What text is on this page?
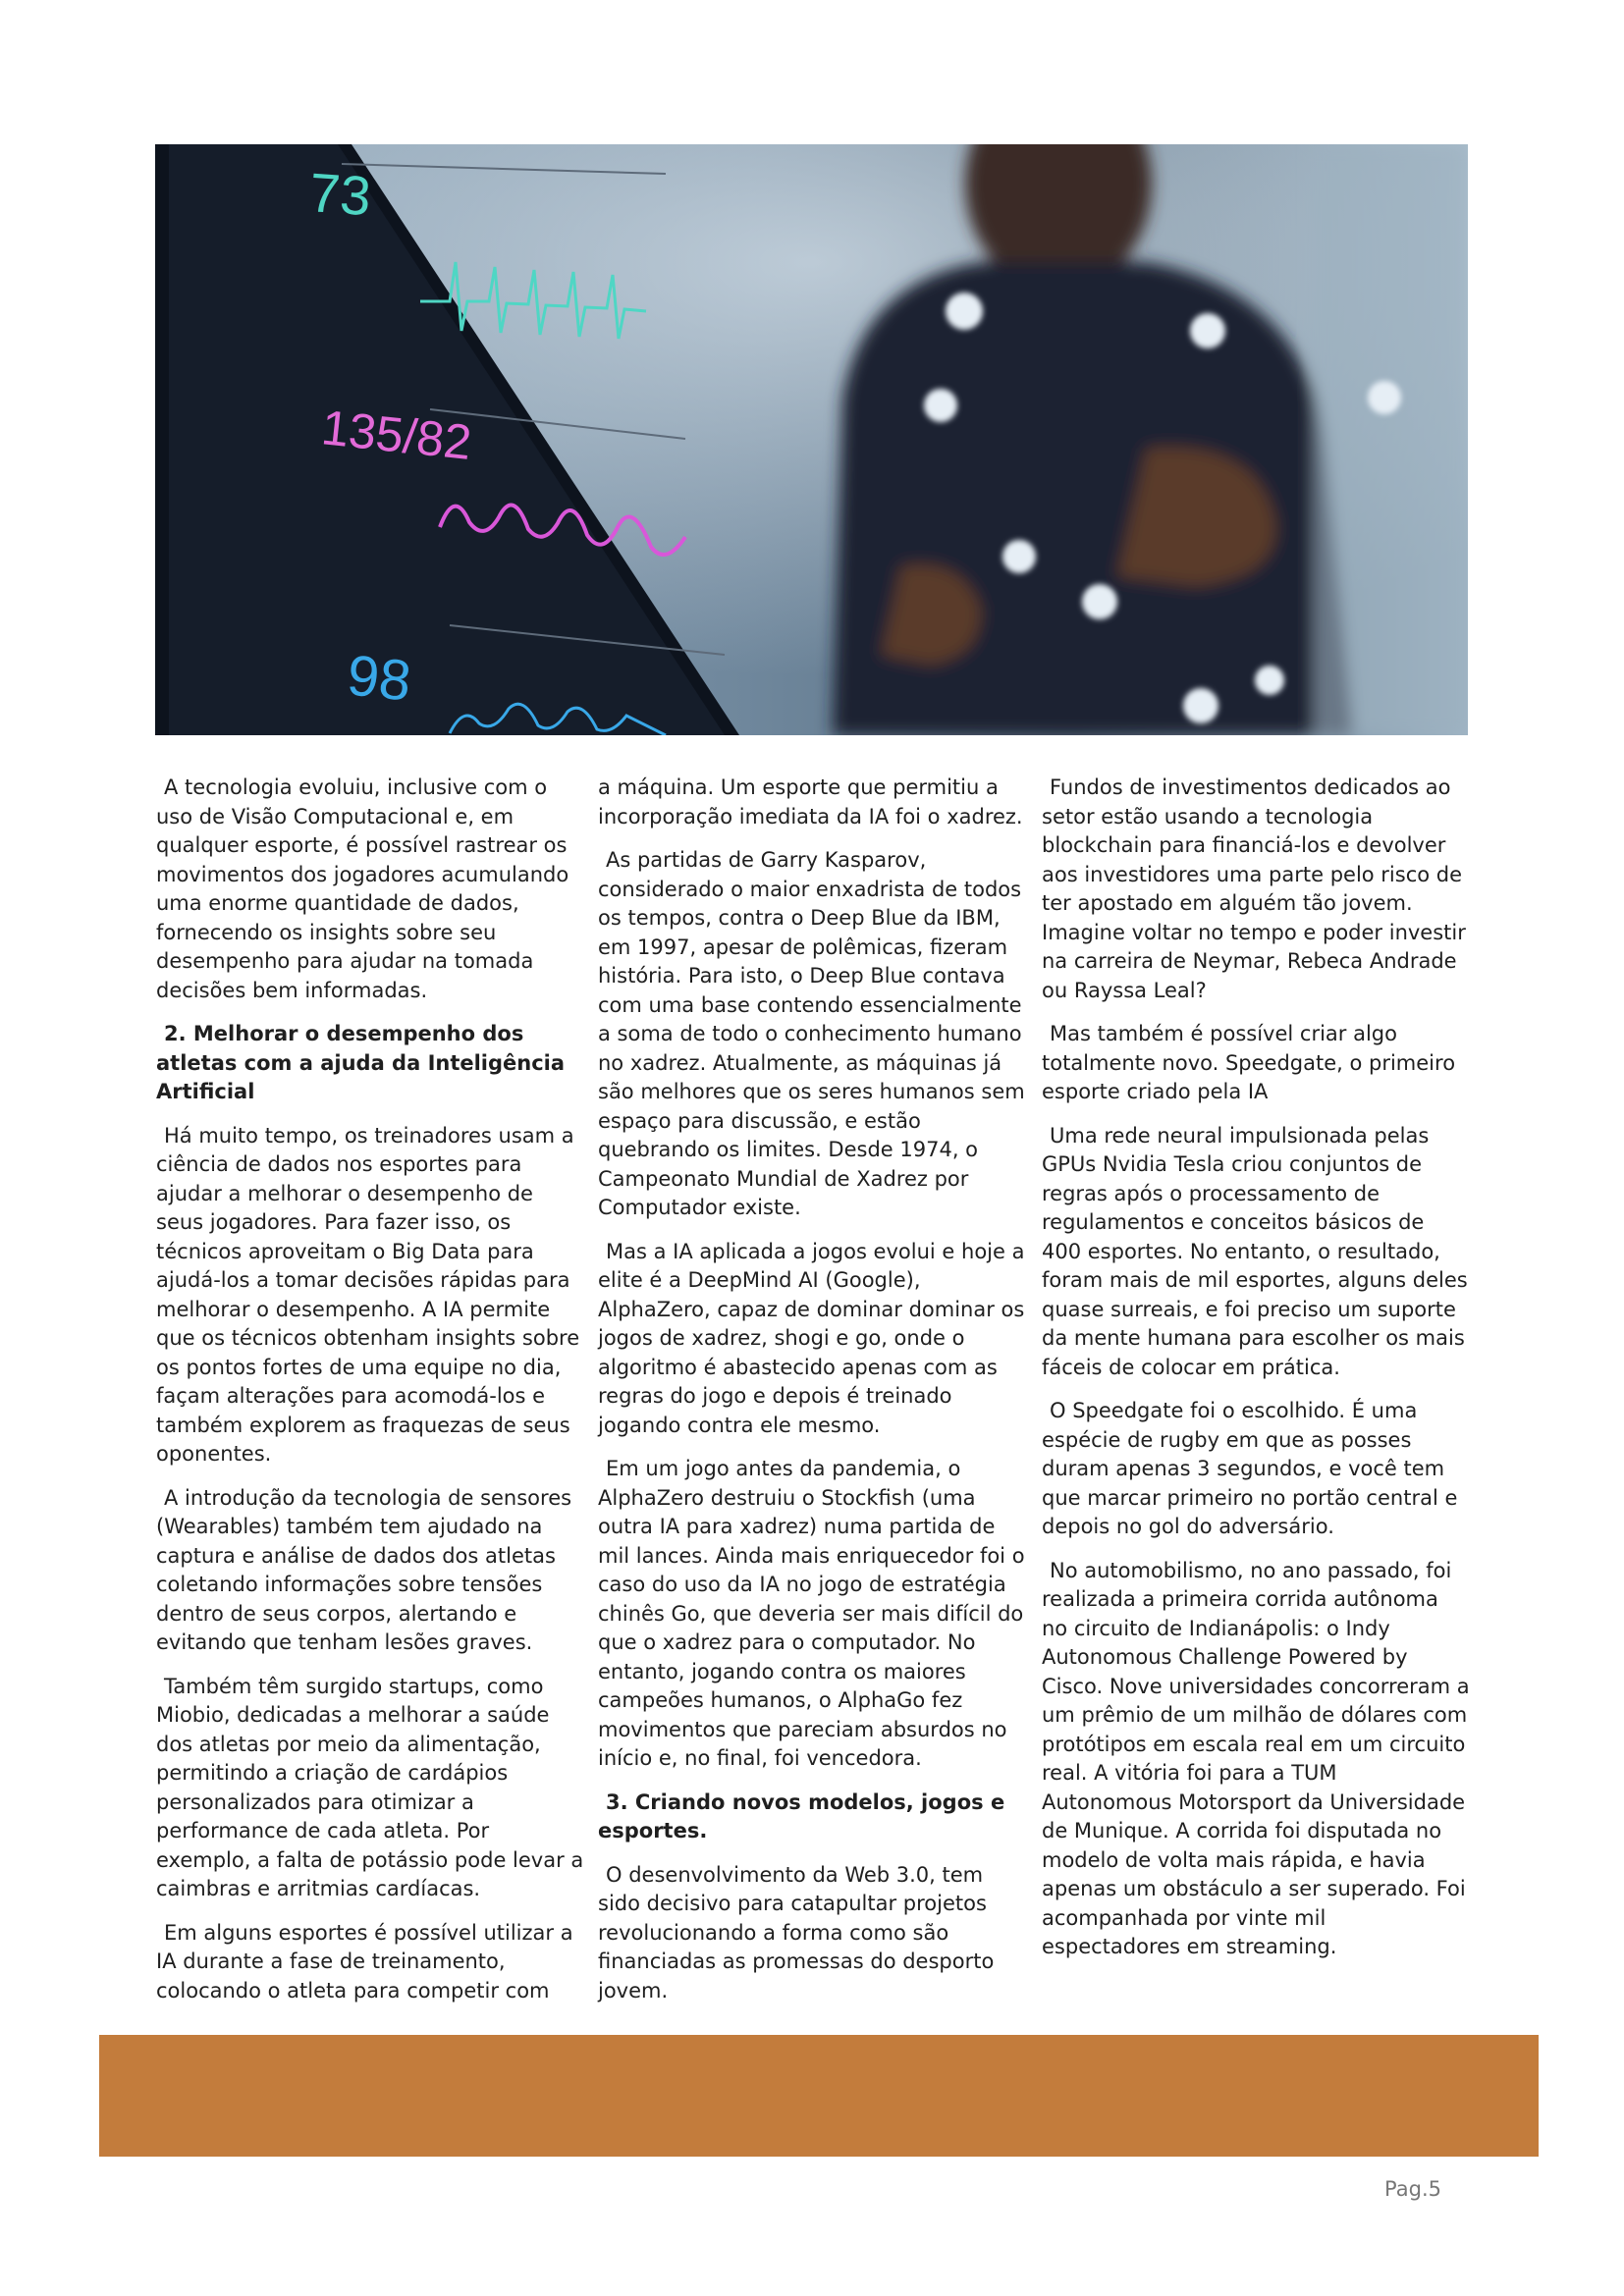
73
135/82
98

A tecnologia evoluiu, inclusive com o uso de Visão Computacional e, em qualquer esporte, é possível rastrear os movimentos dos jogadores acumulando uma enorme quantidade de dados, fornecendo os insights sobre seu desempenho para ajudar na tomada decisões bem informadas.

2. Melhorar o desempenho dos atletas com a ajuda da Inteligência Artificial

Há muito tempo, os treinadores usam a ciência de dados nos esportes para ajudar a melhorar o desempenho de seus jogadores. Para fazer isso, os técnicos aproveitam o Big Data para ajudá-los a tomar decisões rápidas para melhorar o desempenho. A IA permite que os técnicos obtenham insights sobre os pontos fortes de uma equipe no dia, façam alterações para acomodá-los e também explorem as fraquezas de seus oponentes.

A introdução da tecnologia de sensores (Wearables) também tem ajudado na captura e análise de dados dos atletas coletando informações sobre tensões dentro de seus corpos, alertando e evitando que tenham lesões graves.

Também têm surgido startups, como Miobio, dedicadas a melhorar a saúde dos atletas por meio da alimentação, permitindo a criação de cardápios personalizados para otimizar a performance de cada atleta. Por exemplo, a falta de potássio pode levar a caimbras e arritmias cardíacas.

Em alguns esportes é possível utilizar a IA durante a fase de treinamento, colocando o atleta para competir com

a máquina. Um esporte que permitiu a incorporação imediata da IA foi o xadrez.

As partidas de Garry Kasparov, considerado o maior enxadrista de todos os tempos, contra o Deep Blue da IBM, em 1997, apesar de polêmicas, fizeram história. Para isto, o Deep Blue contava com uma base contendo essencialmente a soma de todo o conhecimento humano no xadrez. Atualmente, as máquinas já são melhores que os seres humanos sem espaço para discussão, e estão quebrando os limites. Desde 1974, o Campeonato Mundial de Xadrez por Computador existe.

Mas a IA aplicada a jogos evolui e hoje a elite é a DeepMind AI (Google), AlphaZero, capaz de dominar dominar os jogos de xadrez, shogi e go, onde o algoritmo é abastecido apenas com as regras do jogo e depois é treinado jogando contra ele mesmo.

Em um jogo antes da pandemia, o AlphaZero destruiu o Stockfish (uma outra IA para xadrez) numa partida de mil lances. Ainda mais enriquecedor foi o caso do uso da IA no jogo de estratégia chinês Go, que deveria ser mais difícil do que o xadrez para o computador. No entanto, jogando contra os maiores campeões humanos, o AlphaGo fez movimentos que pareciam absurdos no início e, no final, foi vencedora.

3. Criando novos modelos, jogos e esportes.

O desenvolvimento da Web 3.0, tem sido decisivo para catapultar projetos revolucionando a forma como são financiadas as promessas do desporto jovem.

Fundos de investimentos dedicados ao setor estão usando a tecnologia blockchain para financiá-los e devolver aos investidores uma parte pelo risco de ter apostado em alguém tão jovem. Imagine voltar no tempo e poder investir na carreira de Neymar, Rebeca Andrade ou Rayssa Leal?

Mas também é possível criar algo totalmente novo. Speedgate, o primeiro esporte criado pela IA

Uma rede neural impulsionada pelas GPUs Nvidia Tesla criou conjuntos de regras após o processamento de regulamentos e conceitos básicos de 400 esportes. No entanto, o resultado, foram mais de mil esportes, alguns deles quase surreais, e foi preciso um suporte da mente humana para escolher os mais fáceis de colocar em prática.

O Speedgate foi o escolhido. É uma espécie de rugby em que as posses duram apenas 3 segundos, e você tem que marcar primeiro no portão central e depois no gol do adversário.

No automobilismo, no ano passado, foi realizada a primeira corrida autônoma no circuito de Indianápolis: o Indy Autonomous Challenge Powered by Cisco. Nove universidades concorreram a um prêmio de um milhão de dólares com protótipos em escala real em um circuito real. A vitória foi para a TUM Autonomous Motorsport da Universidade de Munique. A corrida foi disputada no modelo de volta mais rápida, e havia apenas um obstáculo a ser superado. Foi acompanhada por vinte mil espectadores em streaming.

Pag.5
